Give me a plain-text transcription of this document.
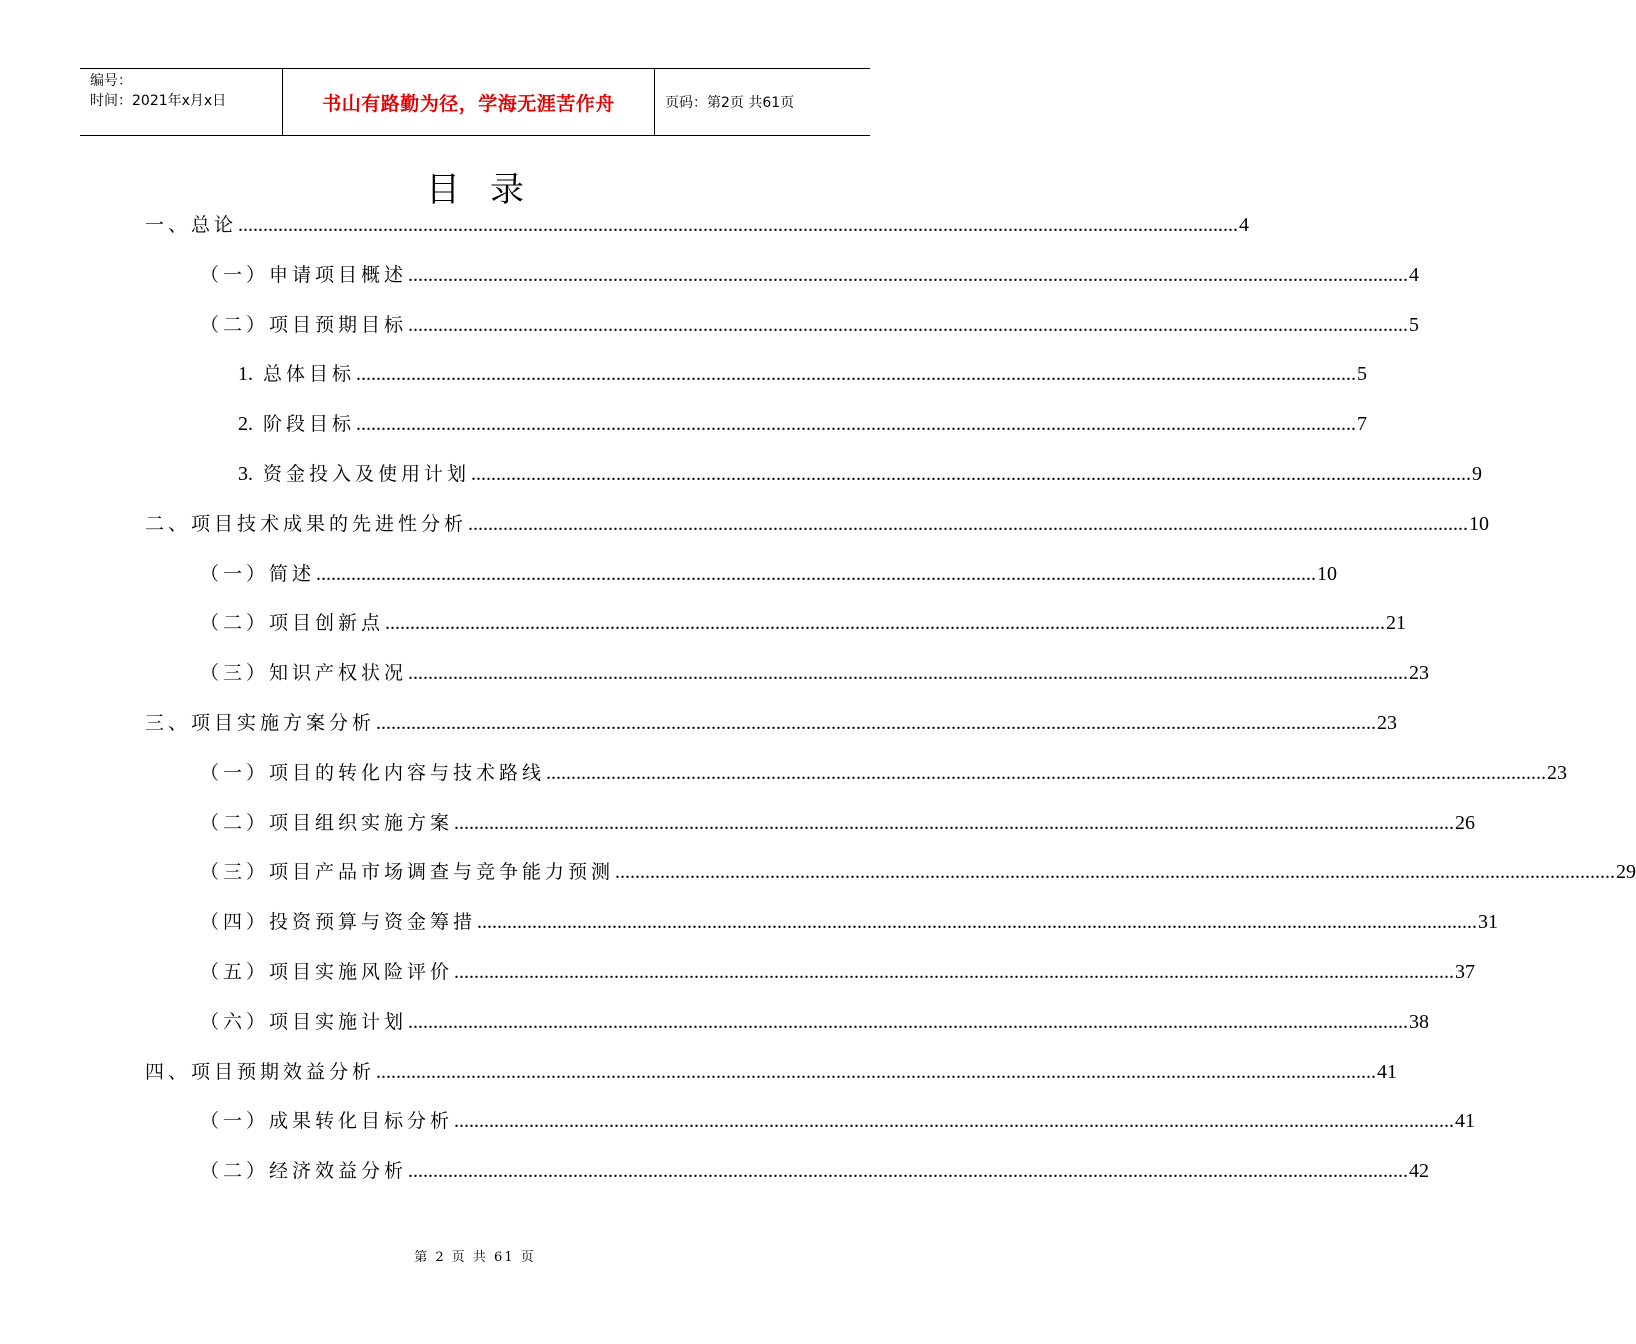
编号：
时间：2021年x月x日	书山有路勤为径，学海无涯苦作舟	页码：第2页 共61页
目录
一、总论 ........................................................................................................................................................................................................ 4
（一）申请项目概述 ........................................................................................................................................................................................................ 4
（二）项目预期目标 ........................................................................................................................................................................................................ 5
1. 总体目标 ........................................................................................................................................................................................................ 5
2. 阶段目标 ........................................................................................................................................................................................................ 7
3. 资金投入及使用计划 ........................................................................................................................................................................................................ 9
二、项目技术成果的先进性分析 ........................................................................................................................................................................................................ 10
（一）简述 ........................................................................................................................................................................................................ 10
（二）项目创新点 ........................................................................................................................................................................................................ 21
（三）知识产权状况 ........................................................................................................................................................................................................ 23
三、项目实施方案分析 ........................................................................................................................................................................................................ 23
（一）项目的转化内容与技术路线 ........................................................................................................................................................................................................ 23
（二）项目组织实施方案 ........................................................................................................................................................................................................ 26
（三）项目产品市场调查与竞争能力预测 ........................................................................................................................................................................................................ 29
（四）投资预算与资金筹措 ........................................................................................................................................................................................................ 31
（五）项目实施风险评价 ........................................................................................................................................................................................................ 37
（六）项目实施计划 ........................................................................................................................................................................................................ 38
四、项目预期效益分析 ........................................................................................................................................................................................................ 41
（一）成果转化目标分析 ........................................................................................................................................................................................................ 41
（二）经济效益分析 ........................................................................................................................................................................................................ 42
第 2 页 共 61 页
